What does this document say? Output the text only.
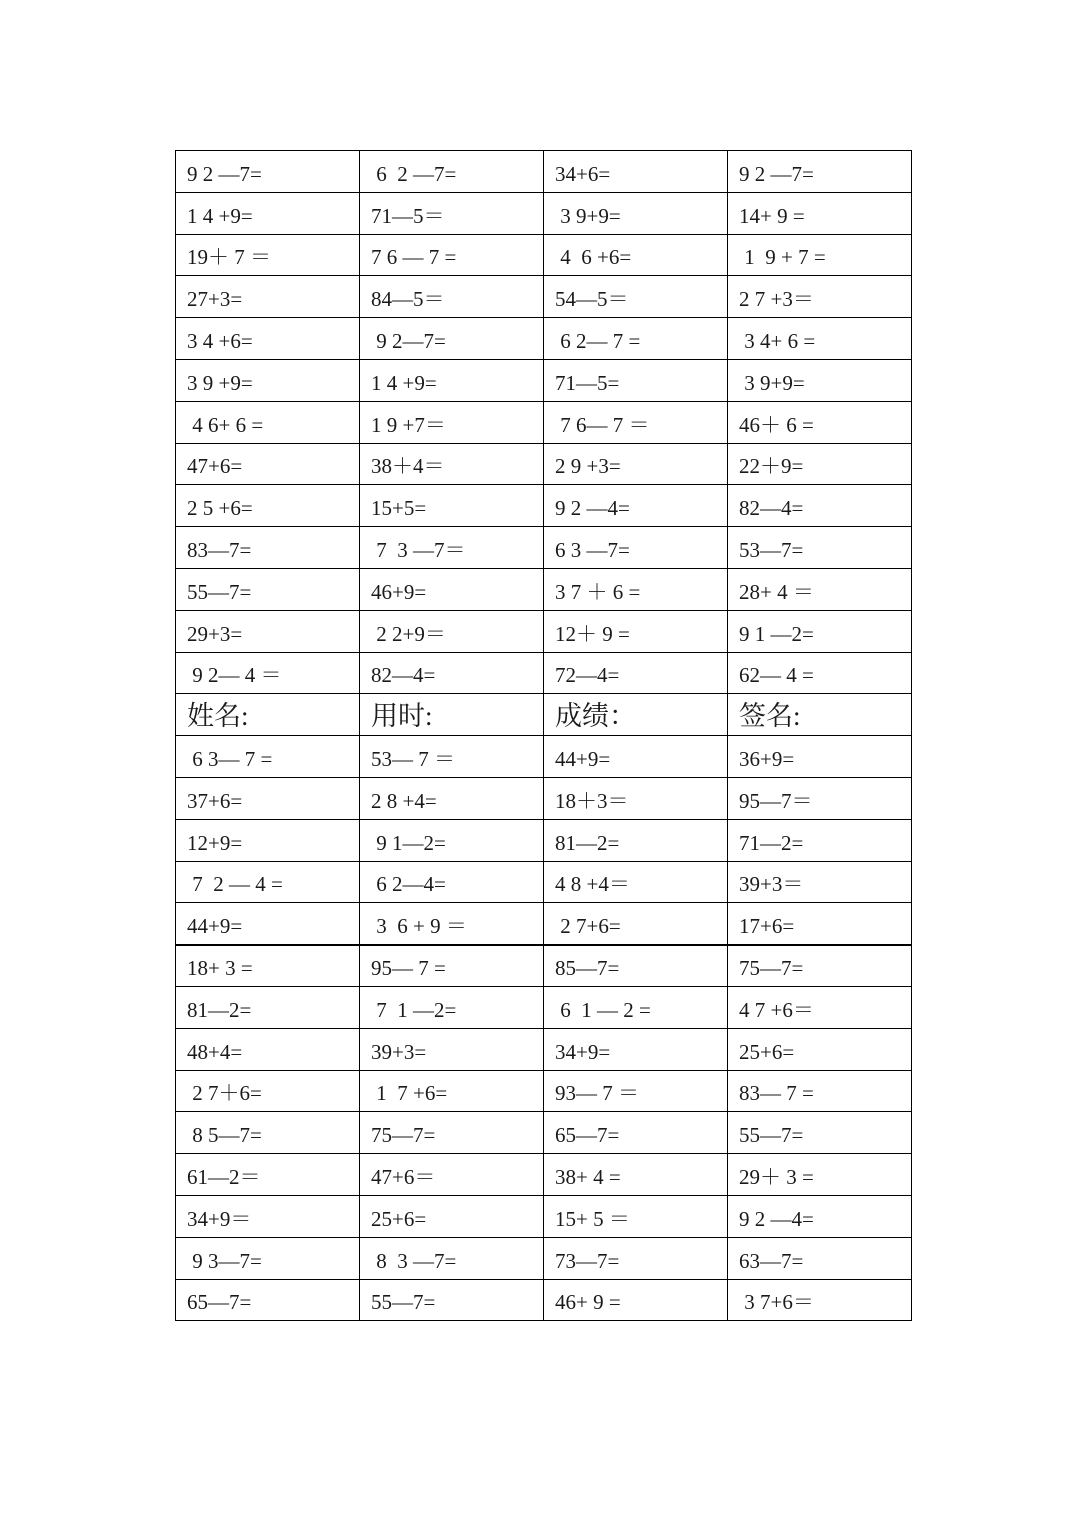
9 2 —7=	6  2 —7=	34+6=	9 2 —7=
1 4 +9=	71—5＝	3 9+9=	14+ 9 =
19＋ 7 ＝	7 6 — 7 =	4  6 +6=	1  9 + 7 =
27+3=	84—5＝	54—5＝	2 7 +3＝
3 4 +6=	9 2—7=	6 2— 7 =	3 4+ 6 =
3 9 +9=	1 4 +9=	71—5=	3 9+9=
4 6+ 6 =	1 9 +7＝	7 6— 7 ＝	46＋ 6 =
47+6=	38＋4＝	2 9 +3=	22＋9=
2 5 +6=	15+5=	9 2 —4=	82—4=
83—7=	7  3 —7＝	6 3 —7=	53—7=
55—7=	46+9=	3 7 ＋ 6 =	28+ 4 ＝
29+3=	2 2+9＝	12＋ 9 =	9 1 —2=
9 2— 4 ＝	82—4=	72—4=	62— 4 =
姓名:	用时:	成绩：	签名:
6 3— 7 =	53— 7 ＝	44+9=	36+9=
37+6=	2 8 +4=	18＋3＝	95—7＝
12+9=	9 1—2=	81—2=	71—2=
7  2 — 4 =	6 2—4=	4 8 +4＝	39+3＝
44+9=	3  6 + 9 ＝	2 7+6=	17+6=
18+ 3 =	95— 7 =	85—7=	75—7=
81—2=	7  1 —2=	6  1 — 2 =	4 7 +6＝
48+4=	39+3=	34+9=	25+6=
2 7＋6=	1  7 +6=	93— 7 ＝	83— 7 =
8 5—7=	75—7=	65—7=	55—7=
61—2＝	47+6＝	38+ 4 =	29＋ 3 =
34+9＝	25+6=	15+ 5 ＝	9 2 —4=
9 3—7=	8  3 —7=	73—7=	63—7=
65—7=	55—7=	46+ 9 =	3 7+6＝
